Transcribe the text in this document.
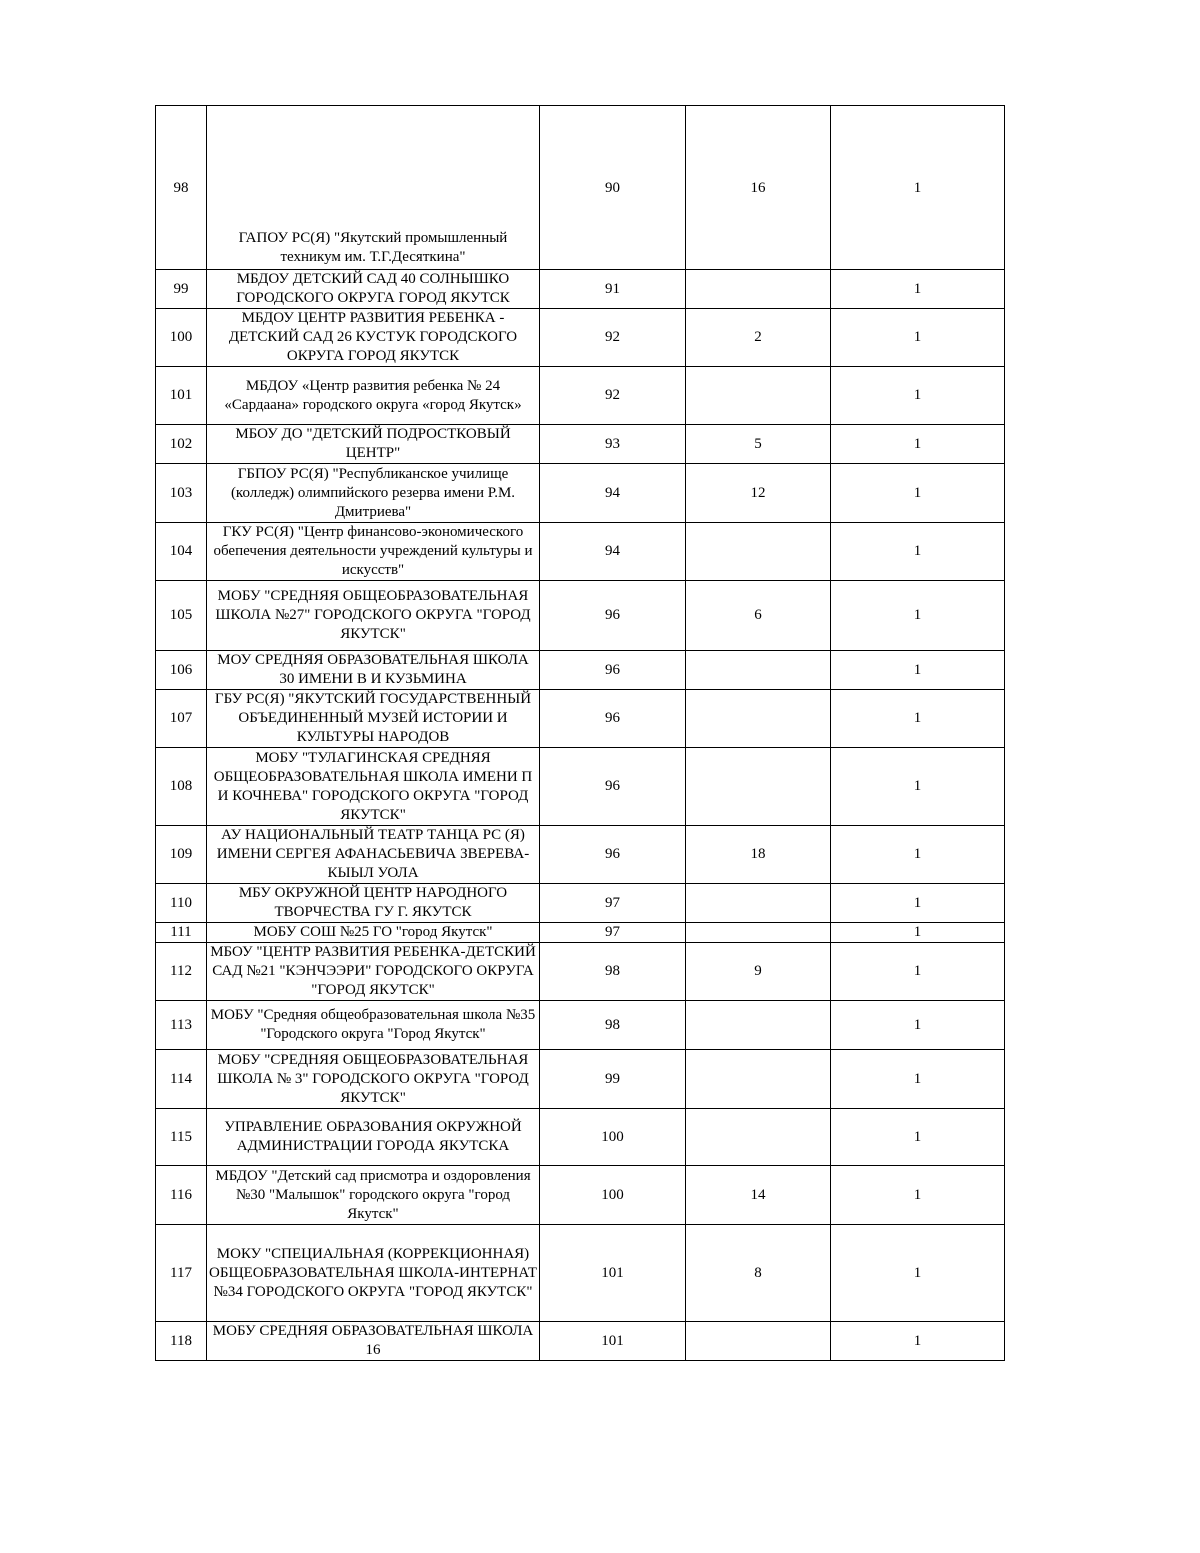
98	ГАПОУ РС(Я) "Якутский промышленный техникум им. Т.Г.Десяткина"	90	16	1
99	МБДОУ ДЕТСКИЙ САД 40 СОЛНЫШКО ГОРОДСКОГО ОКРУГА ГОРОД ЯКУТСК	91		1
100	МБДОУ ЦЕНТР РАЗВИТИЯ РЕБЕНКА - ДЕТСКИЙ САД 26 КУСТУК ГОРОДСКОГО ОКРУГА ГОРОД ЯКУТСК	92	2	1
101	МБДОУ «Центр развития ребенка № 24 «Сардаана» городского округа «город Якутск»	92		1
102	МБОУ ДО "ДЕТСКИЙ ПОДРОСТКОВЫЙ ЦЕНТР"	93	5	1
103	ГБПОУ РС(Я) "Республиканское училище (колледж) олимпийского резерва имени Р.М. Дмитриева"	94	12	1
104	ГКУ РС(Я) "Центр финансово-экономического обепечения деятельности учреждений культуры и искусств"	94		1
105	МОБУ "СРЕДНЯЯ ОБЩЕОБРАЗОВАТЕЛЬНАЯ ШКОЛА №27" ГОРОДСКОГО ОКРУГА "ГОРОД ЯКУТСК"	96	6	1
106	МОУ СРЕДНЯЯ ОБРАЗОВАТЕЛЬНАЯ ШКОЛА 30 ИМЕНИ В И КУЗЬМИНА	96		1
107	ГБУ РС(Я) "ЯКУТСКИЙ ГОСУДАРСТВЕННЫЙ ОБЪЕДИНЕННЫЙ МУЗЕЙ ИСТОРИИ И КУЛЬТУРЫ НАРОДОВ	96		1
108	МОБУ "ТУЛАГИНСКАЯ СРЕДНЯЯ ОБЩЕОБРАЗОВАТЕЛЬНАЯ ШКОЛА ИМЕНИ П И КОЧНЕВА" ГОРОДСКОГО ОКРУГА "ГОРОД ЯКУТСК"	96		1
109	АУ НАЦИОНАЛЬНЫЙ ТЕАТР ТАНЦА РС (Я) ИМЕНИ СЕРГЕЯ АФАНАСЬЕВИЧА ЗВЕРЕВА-КЫЫЛ УОЛА	96	18	1
110	МБУ ОКРУЖНОЙ ЦЕНТР НАРОДНОГО ТВОРЧЕСТВА ГУ Г. ЯКУТСК	97		1
111	МОБУ СОШ №25 ГО "город Якутск"	97		1
112	МБОУ "ЦЕНТР РАЗВИТИЯ РЕБЕНКА-ДЕТСКИЙ САД №21 "КЭНЧЭЭРИ" ГОРОДСКОГО ОКРУГА "ГОРОД ЯКУТСК"	98	9	1
113	МОБУ "Средняя общеобразовательная школа №35 "Городского округа "Город Якутск"	98		1
114	МОБУ "СРЕДНЯЯ ОБЩЕОБРАЗОВАТЕЛЬНАЯ ШКОЛА № 3" ГОРОДСКОГО ОКРУГА "ГОРОД ЯКУТСК"	99		1
115	УПРАВЛЕНИЕ ОБРАЗОВАНИЯ ОКРУЖНОЙ АДМИНИСТРАЦИИ ГОРОДА ЯКУТСКА	100		1
116	МБДОУ "Детский сад присмотра и оздоровления №30 "Малышок" городского округа "город Якутск"	100	14	1
117	МОКУ "СПЕЦИАЛЬНАЯ (КОРРЕКЦИОННАЯ) ОБЩЕОБРАЗОВАТЕЛЬНАЯ ШКОЛА-ИНТЕРНАТ №34 ГОРОДСКОГО ОКРУГА "ГОРОД ЯКУТСК"	101	8	1
118	МОБУ СРЕДНЯЯ ОБРАЗОВАТЕЛЬНАЯ ШКОЛА 16	101		1
